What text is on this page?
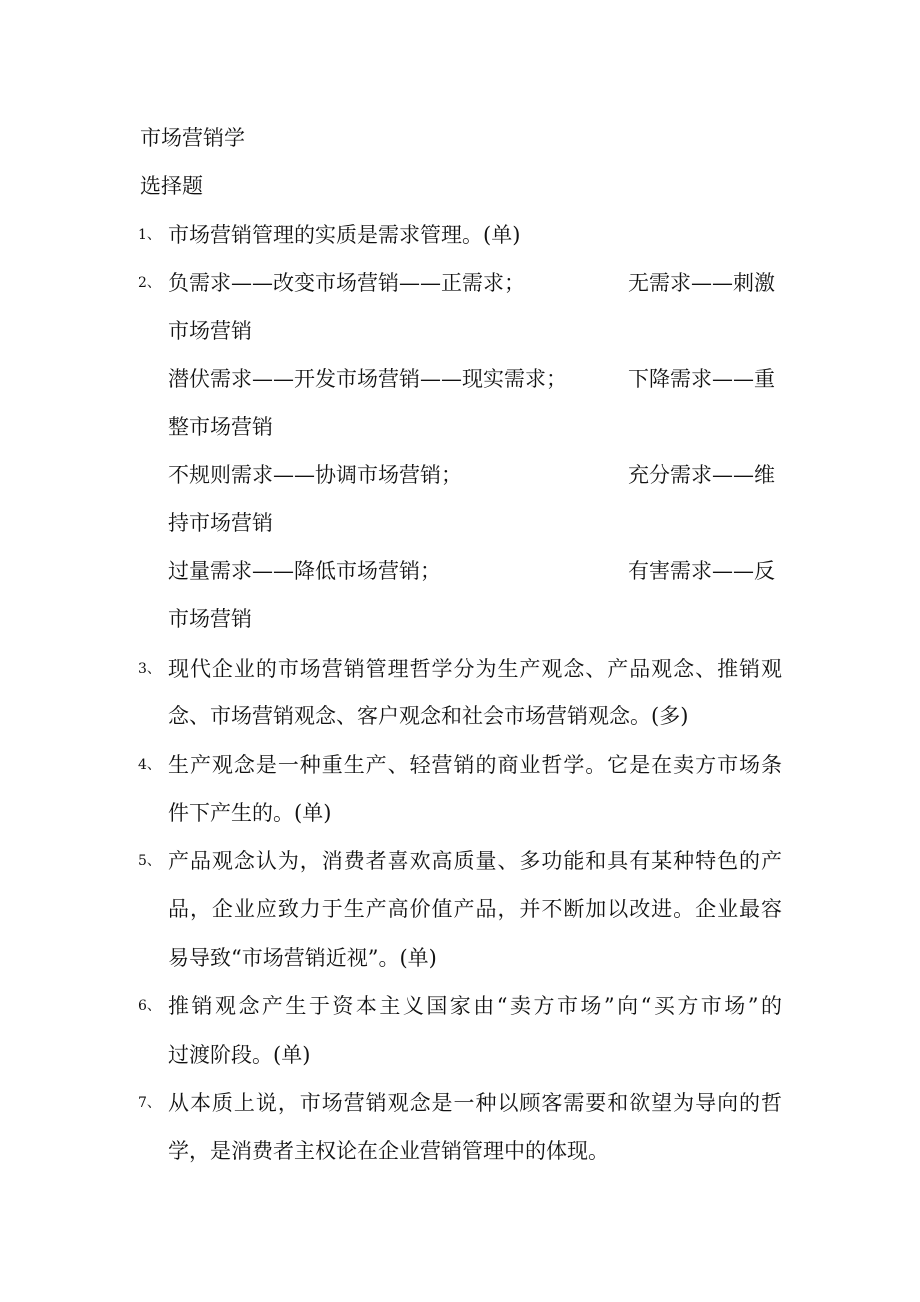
市场营销学
选择题
1、 市场营销管理的实质是需求管理。(单)
2、 负需求——改变市场营销——正需求；	无需求——刺激
市场营销
潜伏需求——开发市场营销——现实需求；	下降需求——重
整市场营销
不规则需求——协调市场营销；	充分需求——维
持市场营销
过量需求——降低市场营销；	有害需求——反
市场营销
3、 现代企业的市场营销管理哲学分为生产观念、产品观念、推销观
念、市场营销观念、客户观念和社会市场营销观念。(多)
4、 生产观念是一种重生产、轻营销的商业哲学。它是在卖方市场条
件下产生的。(单)
5、 产品观念认为，消费者喜欢高质量、多功能和具有某种特色的产
品，企业应致力于生产高价值产品，并不断加以改进。企业最容
易导致“市场营销近视”。(单)
6、 推销观念产生于资本主义国家由“卖方市场”向“买方市场”的
过渡阶段。(单)
7、 从本质上说，市场营销观念是一种以顾客需要和欲望为导向的哲
学，是消费者主权论在企业营销管理中的体现。
